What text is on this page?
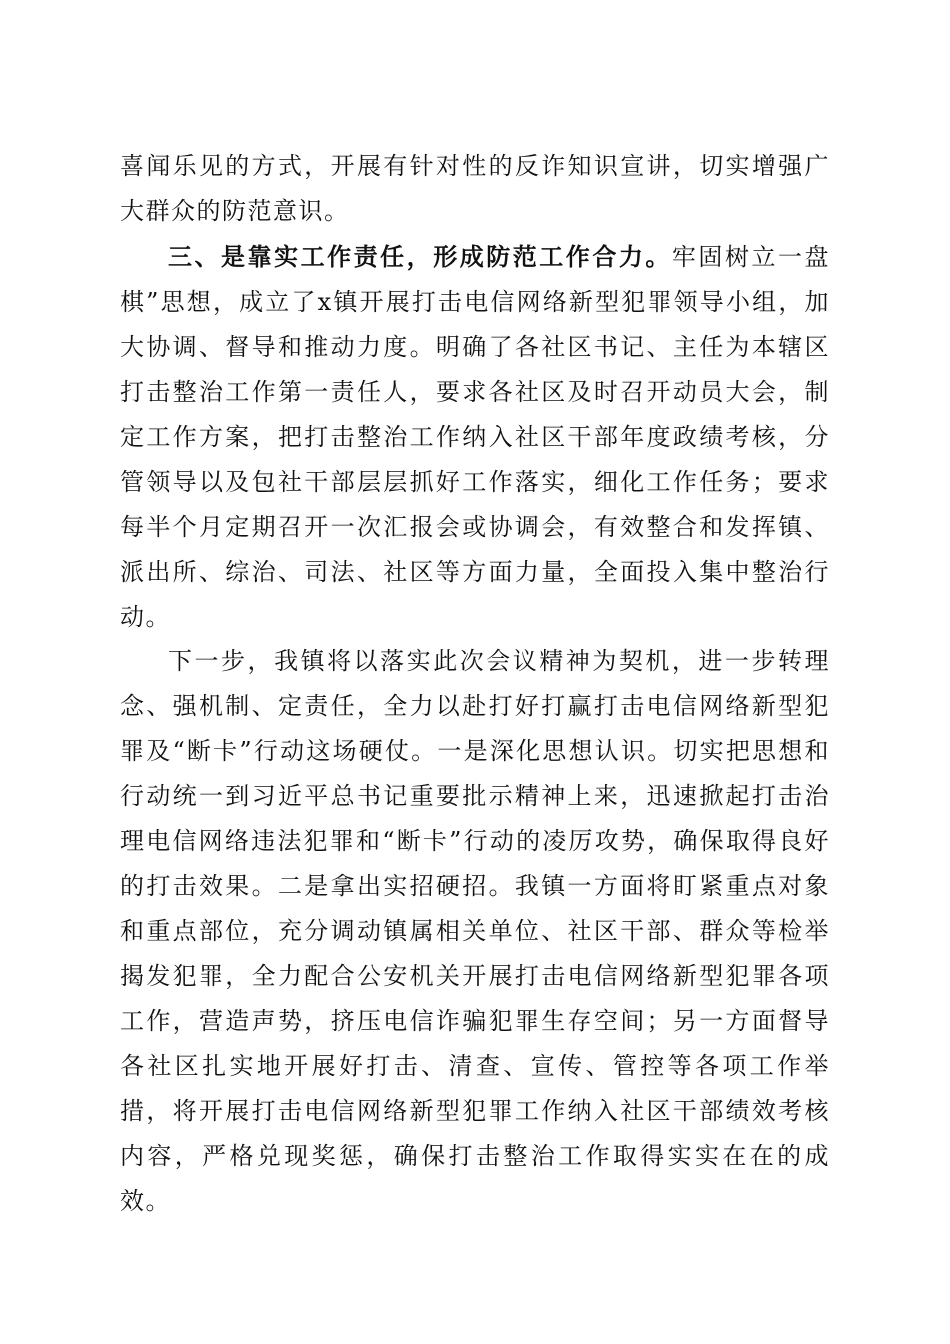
喜闻乐见的方式，开展有针对性的反诈知识宣讲，切实增强广大群众的防范意识。

三、是靠实工作责任，形成防范工作合力。牢固树立一盘棋”思想，成立了x镇开展打击电信网络新型犯罪领导小组，加大协调、督导和推动力度。明确了各社区书记、主任为本辖区打击整治工作第一责任人，要求各社区及时召开动员大会，制定工作方案，把打击整治工作纳入社区干部年度政绩考核，分管领导以及包社干部层层抓好工作落实，细化工作任务；要求每半个月定期召开一次汇报会或协调会，有效整合和发挥镇、派出所、综治、司法、社区等方面力量，全面投入集中整治行动。

下一步，我镇将以落实此次会议精神为契机，进一步转理念、强机制、定责任，全力以赴打好打赢打击电信网络新型犯罪及“断卡”行动这场硬仗。一是深化思想认识。切实把思想和行动统一到习近平总书记重要批示精神上来，迅速掀起打击治理电信网络违法犯罪和“断卡”行动的凌厉攻势，确保取得良好的打击效果。二是拿出实招硬招。我镇一方面将盯紧重点对象和重点部位，充分调动镇属相关单位、社区干部、群众等检举揭发犯罪，全力配合公安机关开展打击电信网络新型犯罪各项工作，营造声势，挤压电信诈骗犯罪生存空间；另一方面督导各社区扎实地开展好打击、清查、宣传、管控等各项工作举措，将开展打击电信网络新型犯罪工作纳入社区干部绩效考核内容，严格兑现奖惩，确保打击整治工作取得实实在在的成效。
